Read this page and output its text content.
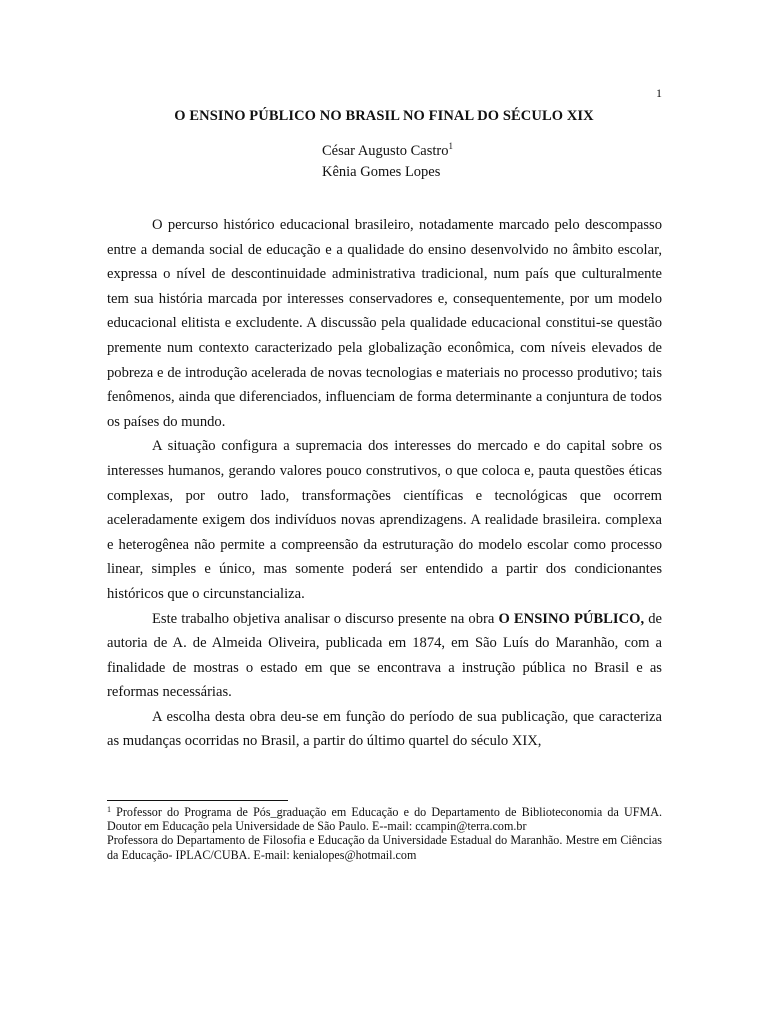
1
O ENSINO PÚBLICO NO BRASIL NO FINAL DO SÉCULO XIX
César Augusto Castro$^1$
Kênia Gomes Lopes

O percurso histórico educacional brasileiro, notadamente marcado pelo descompasso entre a demanda social de educação e a qualidade do ensino desenvolvido no âmbito escolar, expressa o nível de descontinuidade administrativa tradicional, num país que culturalmente tem sua história marcada por interesses conservadores e, consequentemente, por um modelo educacional elitista e excludente. A discussão pela qualidade educacional constitui-se questão premente num contexto caracterizado pela globalização econômica, com níveis elevados de pobreza e de introdução acelerada de novas tecnologias e materiais no processo produtivo; tais fenômenos, ainda que diferenciados, influenciam de forma determinante a conjuntura de todos os países do mundo.

A situação configura a supremacia dos interesses do mercado e do capital sobre os interesses humanos, gerando valores pouco construtivos, o que coloca e, pauta questões éticas complexas, por outro lado, transformações científicas e tecnológicas que ocorrem aceleradamente exigem dos indivíduos novas aprendizagens. A realidade brasileira. complexa e heterogênea não permite a compreensão da estruturação do modelo escolar como processo linear, simples e único, mas somente poderá ser entendido a partir dos condicionantes históricos que o circunstancializa.

Este trabalho objetiva analisar o discurso presente na obra O ENSINO PÚBLICO, de autoria de A. de Almeida Oliveira, publicada em 1874, em São Luís do Maranhão, com a finalidade de mostras o estado em que se encontrava a instrução pública no Brasil e as reformas necessárias.

A escolha desta obra deu-se em função do período de sua publicação, que caracteriza as mudanças ocorridas no Brasil, a partir do último quartel do século XIX,

$^1$ Professor do Programa de Pós_graduação em Educação e do Departamento de Biblioteconomia da UFMA. Doutor em Educação pela Universidade de São Paulo. E--mail: ccampin@terra.com.br

Professora do Departamento de Filosofia e Educação da Universidade Estadual do Maranhão. Mestre em Ciências da Educação- IPLAC/CUBA. E-mail: kenialopes@hotmail.com
